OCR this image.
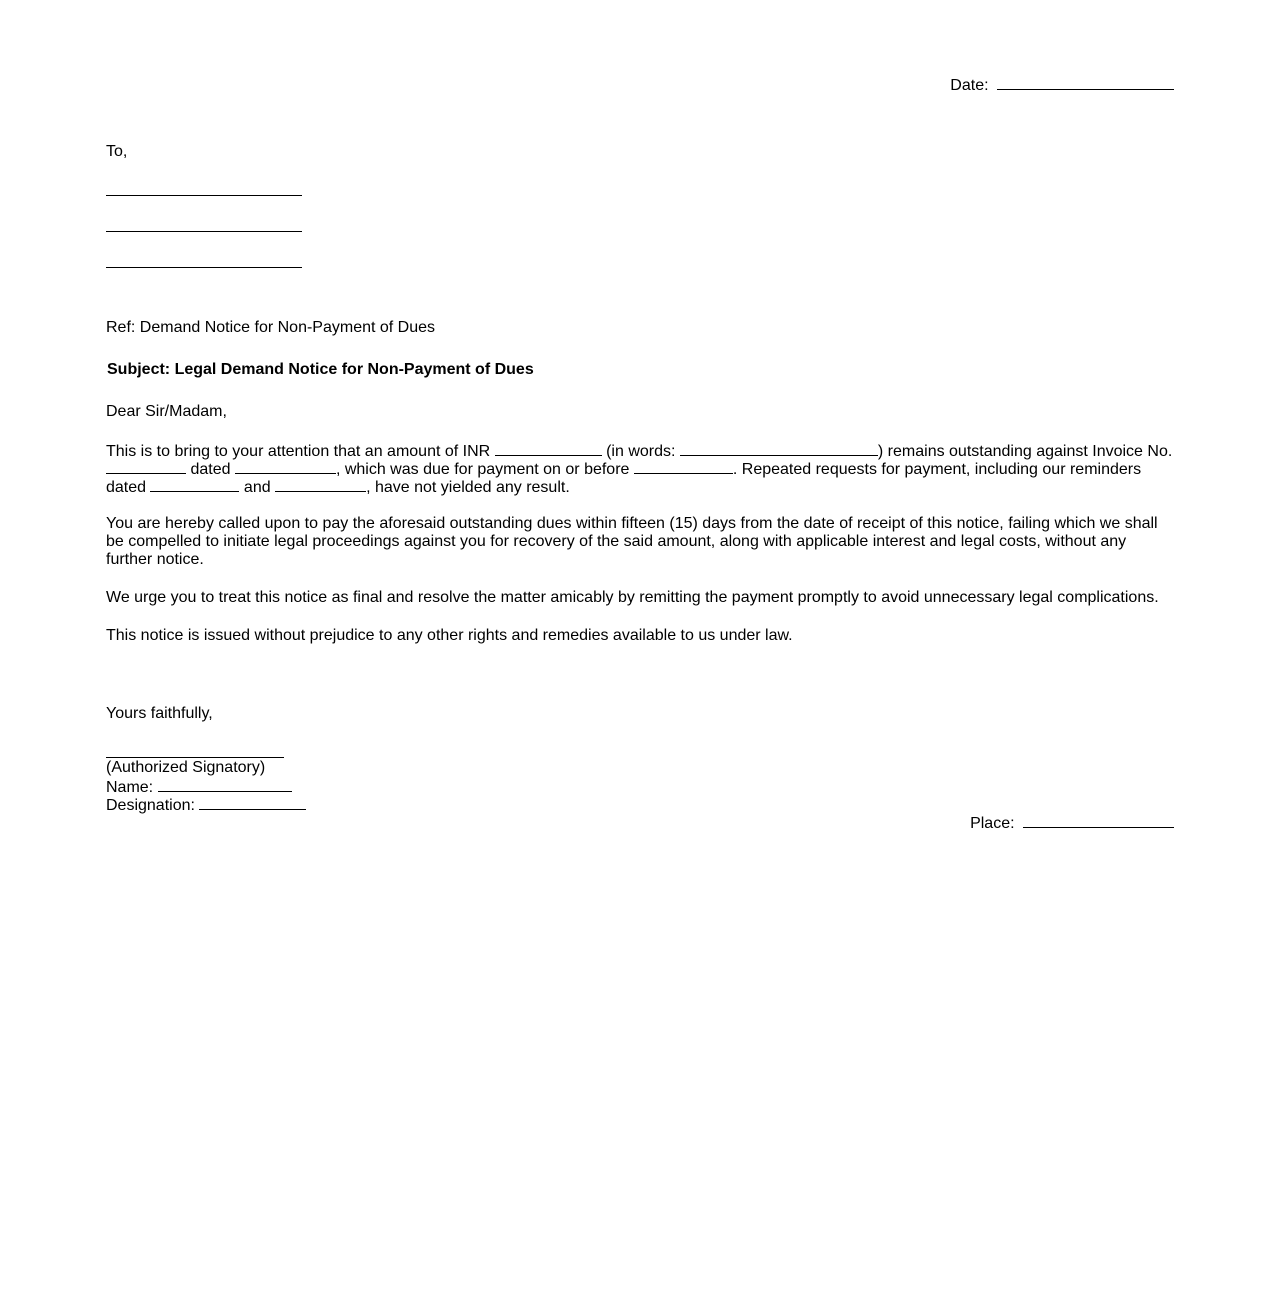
Date:
To,
Ref: Demand Notice for Non-Payment of Dues
Subject: Legal Demand Notice for Non-Payment of Dues
Dear Sir/Madam,
This is to bring to your attention that an amount of INR	(in words:	) remains outstanding against Invoice No.
dated	, which was due for payment on or before	. Repeated requests for payment, including our reminders
dated	and	, have not yielded any result.
You are hereby called upon to pay the aforesaid outstanding dues within fifteen (15) days from the date of receipt of this notice, failing which we shall be compelled to initiate legal proceedings against you for recovery of the said amount, along with applicable interest and legal costs, without any further notice.
We urge you to treat this notice as final and resolve the matter amicably by remitting the payment promptly to avoid unnecessary legal complications.
This notice is issued without prejudice to any other rights and remedies available to us under law.
Yours faithfully,
(Authorized Signatory)
Name:
Designation:
Place:
